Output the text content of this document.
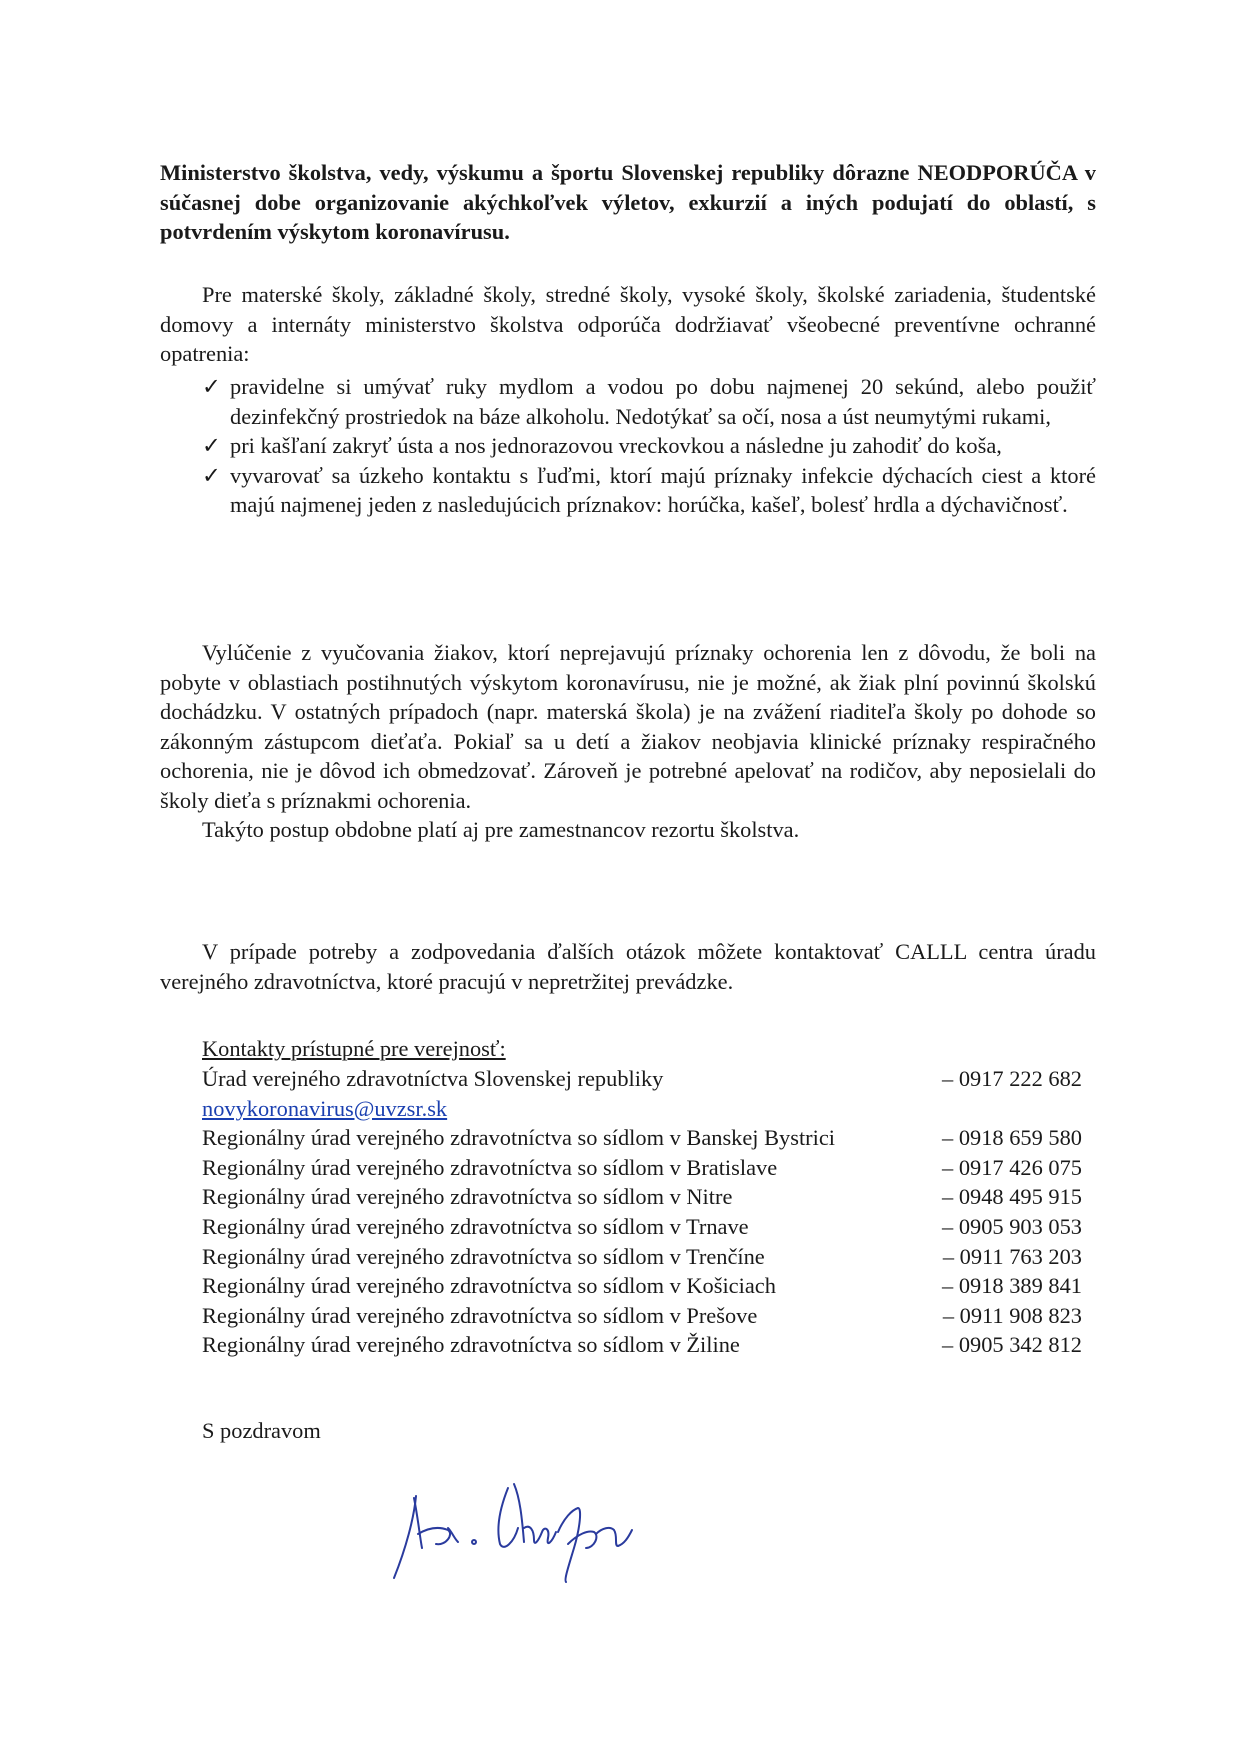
Ministerstvo školstva, vedy, výskumu a športu Slovenskej republiky dôrazne NEODPORÚČA v súčasnej dobe organizovanie akýchkoľvek výletov, exkurzií a iných podujatí do oblastí, s potvrdením výskytom koronavírusu.

Pre materské školy, základné školy, stredné školy, vysoké školy, školské zariadenia, študentské domovy a internáty ministerstvo školstva odporúča dodržiavať všeobecné preventívne ochranné opatrenia:

✓ pravidelne si umývať ruky mydlom a vodou po dobu najmenej 20 sekúnd, alebo použiť dezinfekčný prostriedok na báze alkoholu. Nedotýkať sa očí, nosa a úst neumytými rukami,
✓ pri kašľaní zakryť ústa a nos jednorazovou vreckovkou a následne ju zahodiť do koša,
✓ vyvarovať sa úzkeho kontaktu s ľuďmi, ktorí majú príznaky infekcie dýchacích ciest a ktoré majú najmenej jeden z nasledujúcich príznakov: horúčka, kašeľ, bolesť hrdla a dýchavičnosť.

Vylúčenie z vyučovania žiakov, ktorí neprejavujú príznaky ochorenia len z dôvodu, že boli na pobyte v oblastiach postihnutých výskytom koronavírusu, nie je možné, ak žiak plní povinnú školskú dochádzku. V ostatných prípadoch (napr. materská škola) je na zvážení riaditeľa školy po dohode so zákonným zástupcom dieťaťa. Pokiaľ sa u detí a žiakov neobjavia klinické príznaky respiračného ochorenia, nie je dôvod ich obmedzovať. Zároveň je potrebné apelovať na rodičov, aby neposielali do školy dieťa s príznakmi ochorenia.

Takýto postup obdobne platí aj pre zamestnancov rezortu školstva.

V prípade potreby a zodpovedania ďalších otázok môžete kontaktovať CALLL centra úradu verejného zdravotníctva, ktoré pracujú v nepretržitej prevádzke.

Kontakty prístupné pre verejnosť:
Úrad verejného zdravotníctva Slovenskej republiky	– 0917 222 682
novykoronavirus@uvzsr.sk
Regionálny úrad verejného zdravotníctva so sídlom v Banskej Bystrici	– 0918 659 580
Regionálny úrad verejného zdravotníctva so sídlom v Bratislave	– 0917 426 075
Regionálny úrad verejného zdravotníctva so sídlom v Nitre	– 0948 495 915
Regionálny úrad verejného zdravotníctva so sídlom v Trnave	– 0905 903 053
Regionálny úrad verejného zdravotníctva so sídlom v Trenčíne	– 0911 763 203
Regionálny úrad verejného zdravotníctva so sídlom v Košiciach	– 0918 389 841
Regionálny úrad verejného zdravotníctva so sídlom v Prešove	– 0911 908 823
Regionálny úrad verejného zdravotníctva so sídlom v Žiline	– 0905 342 812
S pozdravom
